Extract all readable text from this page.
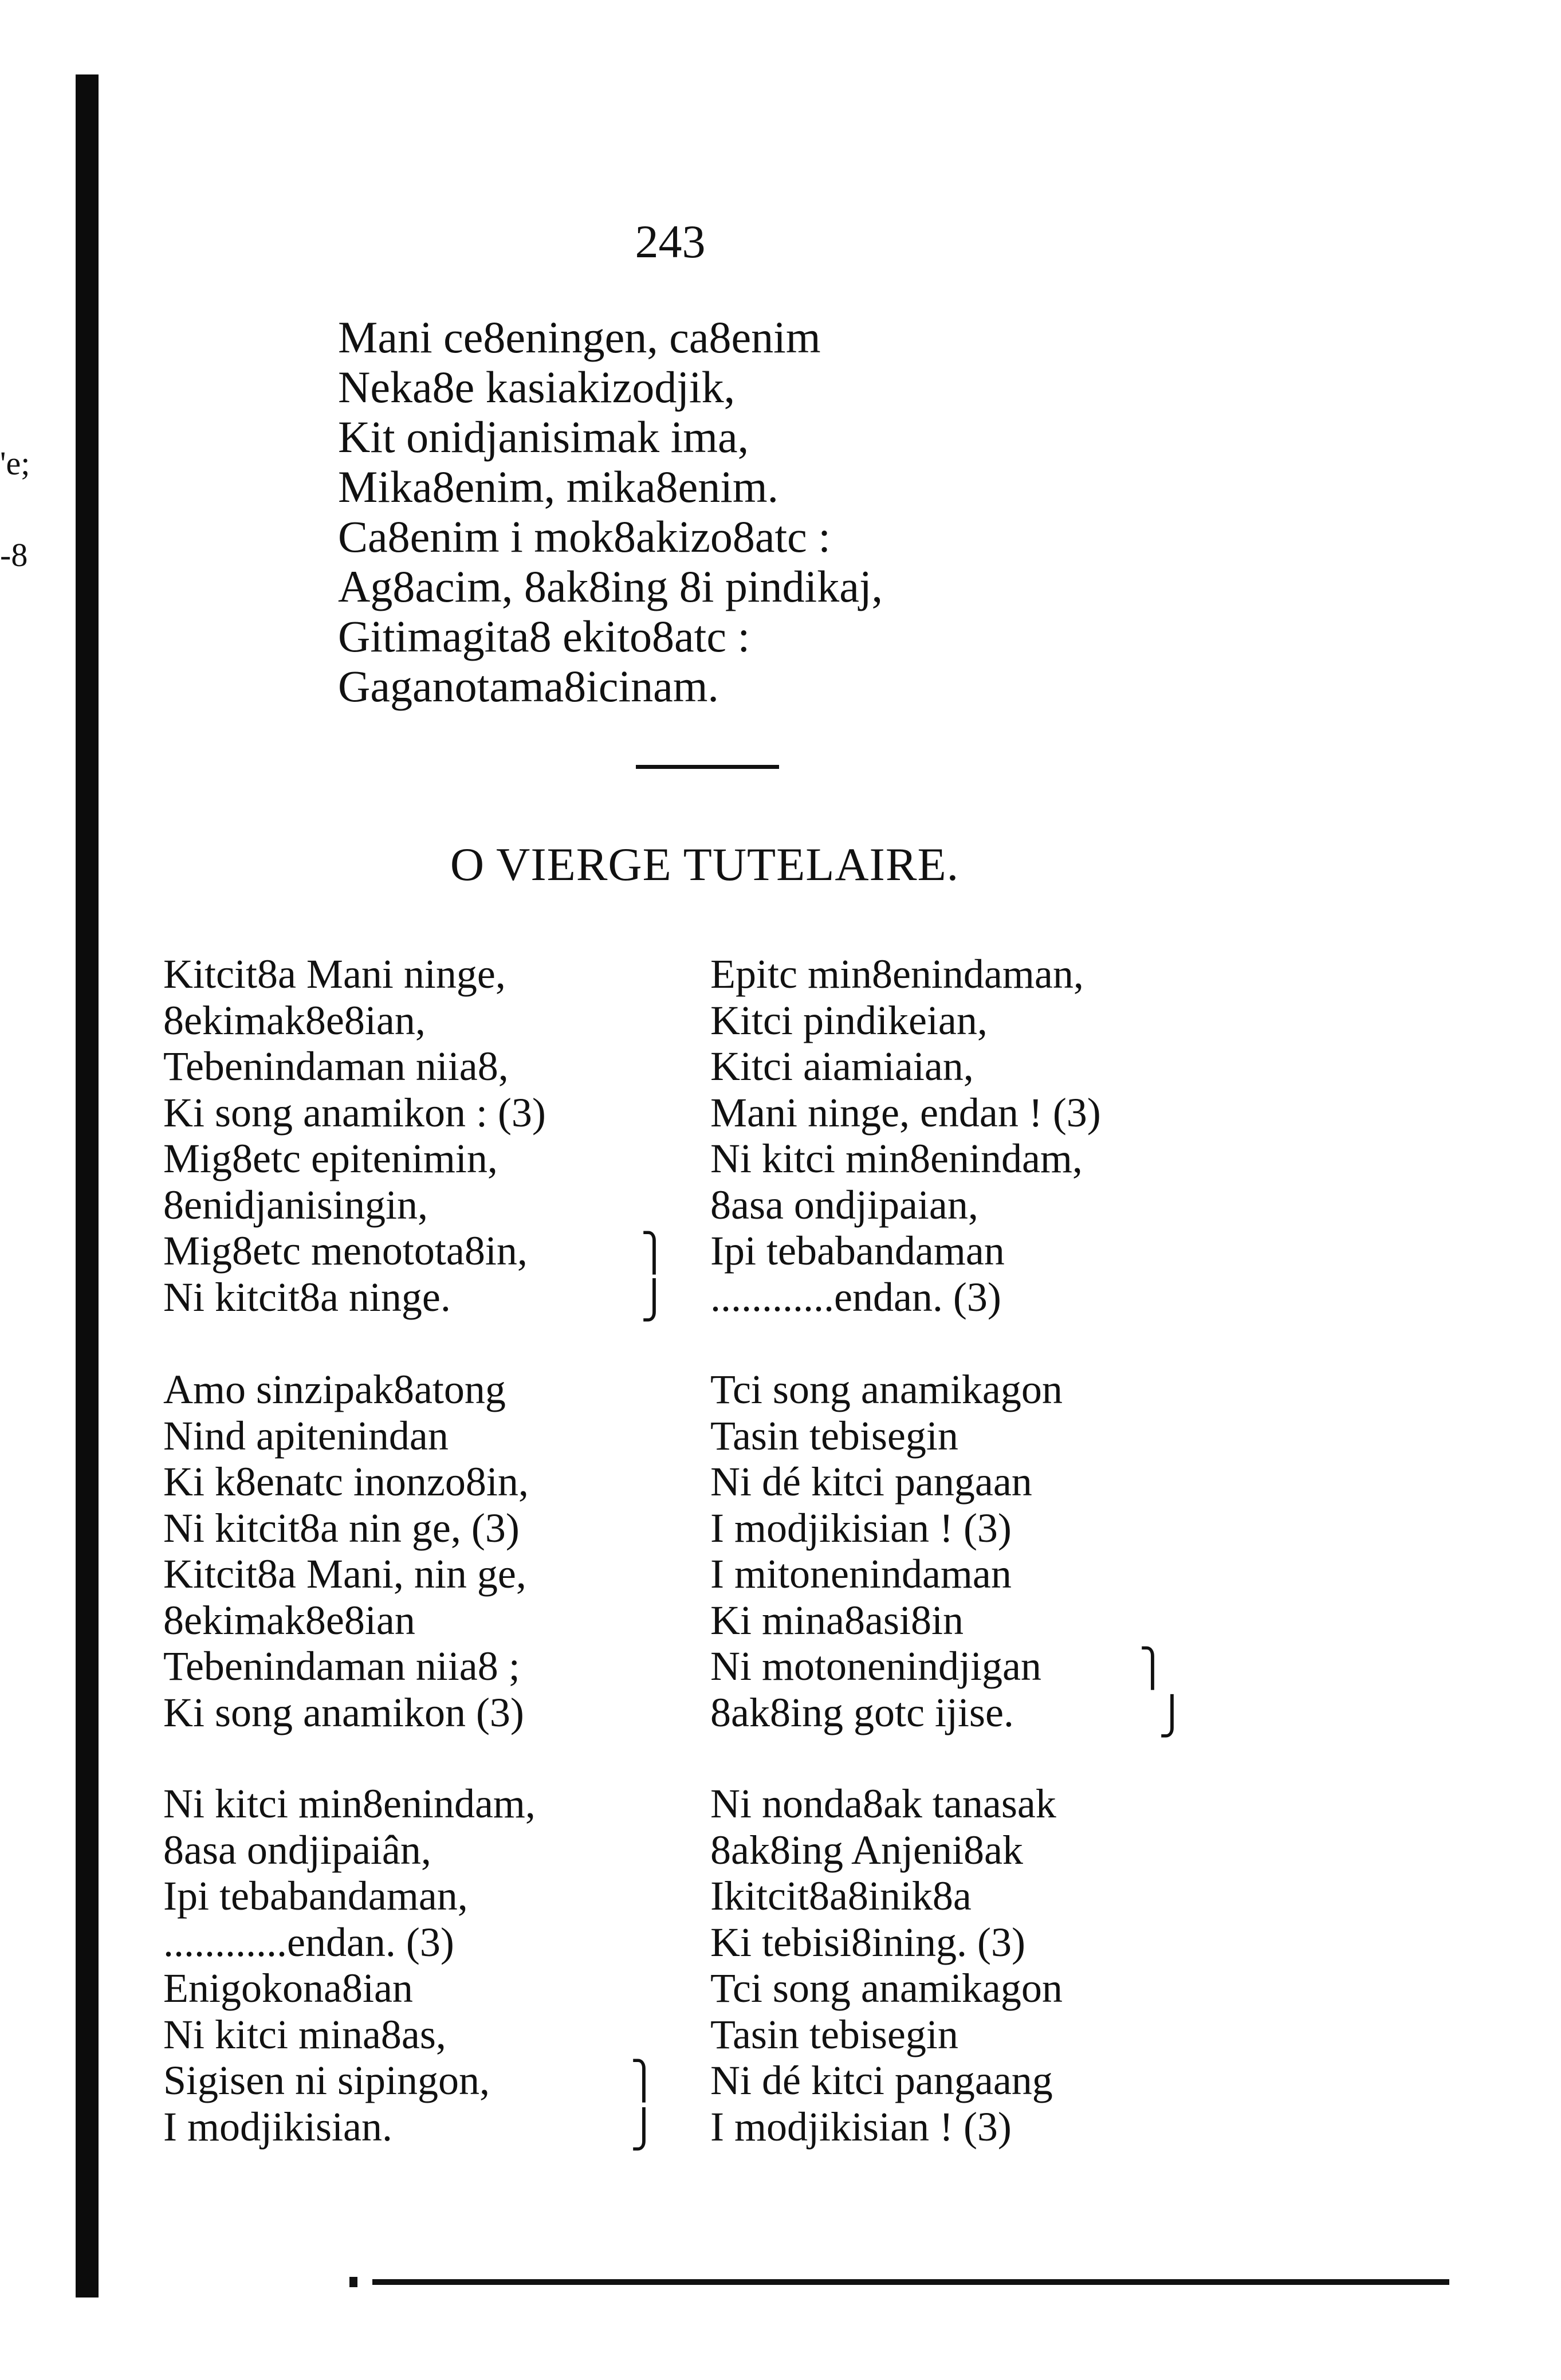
'e;
-8
243
Mani ce8eningen, ca8enim
Neka8e kasiakizodjik,
Kit onidjanisimak ima,
Mika8enim, mika8enim.
Ca8enim i mok8akizo8atc :
Ag8acim, 8ak8ing 8i pindikaj,
Gitimagita8 ekito8atc :
Gaganotama8icinam.
O VIERGE TUTELAIRE.
Kitcit8a Mani ninge,
8ekimak8e8ian,
Tebenindaman niia8,
Ki song anamikon : (3)
Mig8etc epitenimin,
8enidjanisingin,
Mig8etc menotota8in,
Ni kitcit8a ninge.
Epitc min8enindaman,
Kitci pindikeian,
Kitci aiamiaian,
Mani ninge, endan ! (3)
Ni kitci min8enindam,
8asa ondjipaian,
Ipi tebabandaman
............endan. (3)
Amo sinzipak8atong
Nind apitenindan
Ki k8enatc inonzo8in,
Ni kitcit8a nin ge, (3)
Kitcit8a Mani, nin ge,
8ekimak8e8ian
Tebenindaman niia8 ;
Ki song anamikon (3)
Tci song anamikagon
Tasin tebisegin
Ni dé kitci pangaan
I modjikisian ! (3)
I mitonenindaman
Ki mina8asi8in
Ni motonenindjigan
8ak8ing gotc ijise.
Ni kitci min8enindam,
8asa ondjipaiân,
Ipi tebabandaman,
............endan. (3)
Enigokona8ian
Ni kitci mina8as,
Sigisen ni sipingon,
I modjikisian.
Ni nonda8ak tanasak
8ak8ing Anjeni8ak
Ikitcit8a8inik8a
Ki tebisi8ining. (3)
Tci song anamikagon
Tasin tebisegin
Ni dé kitci pangaang
I modjikisian ! (3)
⎫
⎭
⎫
⎭
⎫
⎭
